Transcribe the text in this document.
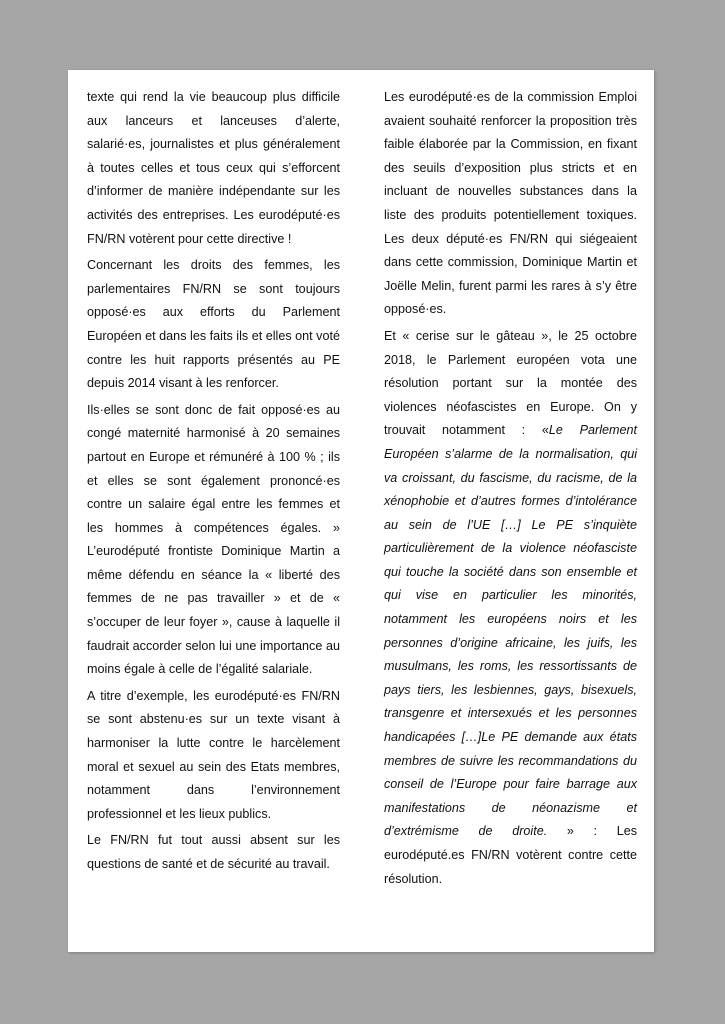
texte qui rend la vie beaucoup plus difficile aux lanceurs et lanceuses d’alerte, salarié·es, journalistes et plus généralement à toutes celles et tous ceux qui s’efforcent d’informer de manière indépendante sur les activités des entreprises. Les eurodéputé·es FN/RN votèrent pour cette directive !

Concernant les droits des femmes, les parlementaires FN/RN se sont toujours opposé·es aux efforts du Parlement Européen et dans les faits ils et elles ont voté contre les huit rapports présentés au PE depuis 2014 visant à les renforcer.

Ils·elles se sont donc de fait opposé·es au congé maternité harmonisé à 20 semaines partout en Europe et rémunéré à 100 % ; ils et elles se sont également prononcé·es contre un salaire égal entre les femmes et les hommes à compétences égales. » L’eurodéputé frontiste Dominique Martin a même défendu en séance la « liberté des femmes de ne pas travailler » et de « s’occuper de leur foyer », cause à laquelle il faudrait accorder selon lui une importance au moins égale à celle de l’égalité salariale.

A titre d’exemple, les eurodéputé·es FN/RN se sont abstenu·es sur un texte visant à harmoniser la lutte contre le harcèlement moral et sexuel au sein des Etats membres, notamment dans l’environnement professionnel et les lieux publics.

Le FN/RN fut tout aussi absent sur les questions de santé et de sécurité au travail.

Les eurodéputé·es de la commission Emploi avaient souhaité renforcer la proposition très faible élaborée par la Commission, en fixant des seuils d’exposition plus stricts et en incluant de nouvelles substances dans la liste des produits potentiellement toxiques. Les deux député·es FN/RN qui siégeaient dans cette commission, Dominique Martin et Joëlle Melin, furent parmi les rares à s’y être opposé·es.

Et « cerise sur le gâteau », le 25 octobre 2018, le Parlement européen vota une résolution portant sur la montée des violences néofascistes en Europe. On y trouvait notamment : «Le Parlement Européen s’alarme de la normalisation, qui va croissant, du fascisme, du racisme, de la xénophobie et d’autres formes d’intolérance au sein de l’UE […] Le PE s’inquiète particulièrement de la violence néofasciste qui touche la société dans son ensemble et qui vise en particulier les minorités, notamment les européens noirs et les personnes d’origine africaine, les juifs, les musulmans, les roms, les ressortissants de pays tiers, les lesbiennes, gays, bisexuels, transgenre et intersexués et les personnes handicapées […]Le PE demande aux états membres de suivre les recommandations du conseil de l’Europe pour faire barrage aux manifestations de néonazisme et d’extrémisme de droite. » : Les eurodéputé.es FN/RN votèrent contre cette résolution.
